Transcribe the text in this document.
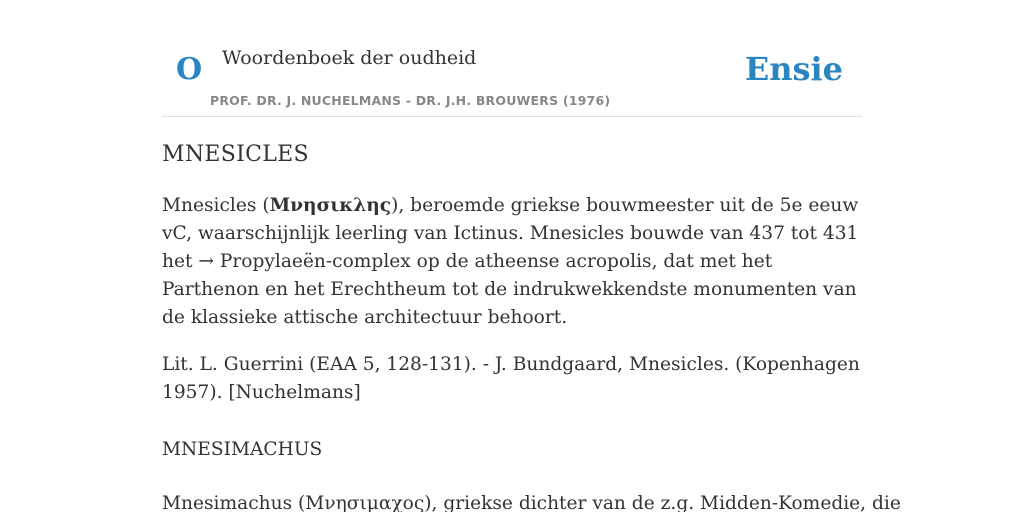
O Woordenboek der oudheid
PROF. DR. J. NUCHELMANS - DR. J.H. BROUWERS (1976)
Ensie
MNESICLES

Mnesicles (Μνησικλης), beroemde griekse bouwmeester uit de 5e eeuw vC, waarschijnlijk leerling van Ictinus. Mnesicles bouwde van 437 tot 431 het → Propylaeën-complex op de atheense acropolis, dat met het Parthenon en het Erechtheum tot de indrukwekkendste monumenten van de klassieke attische architectuur behoort.

Lit. L. Guerrini (EAA 5, 128-131). - J. Bundgaard, Mnesicles. (Kopenhagen 1957). [Nuchelmans]

MNESIMACHUS

Mnesimachus (Μνησιμαχος), griekse dichter van de z.g. Midden-Komedie, die
